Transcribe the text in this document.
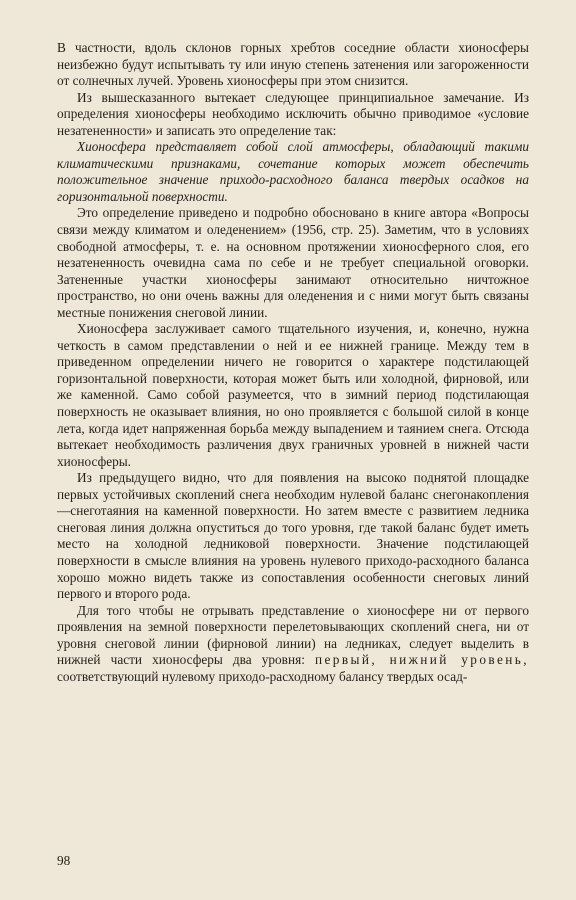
В частности, вдоль склонов горных хребтов соседние области хионосферы неизбежно будут испытывать ту или иную степень затенения или загороженности от солнечных лучей. Уровень хионосферы при этом снизится.

Из вышесказанного вытекает следующее принципиальное замечание. Из определения хионосферы необходимо исключить обычно приводимое «условие незатененности» и записать это определение так:

Хионосфера представляет собой слой атмосферы, обладающий такими климатическими признаками, сочетание которых может обеспечить положительное значение приходо-расходного баланса твердых осадков на горизонтальной поверхности.

Это определение приведено и подробно обосновано в книге автора «Вопросы связи между климатом и оледенением» (1956, стр. 25). Заметим, что в условиях свободной атмосферы, т. е. на основном протяжении хионосферного слоя, его незатененность очевидна сама по себе и не требует специальной оговорки. Затененные участки хионосферы занимают относительно ничтожное пространство, но они очень важны для оледенения и с ними могут быть связаны местные понижения снеговой линии.

Хионосфера заслуживает самого тщательного изучения, и, конечно, нужна четкость в самом представлении о ней и ее нижней границе. Между тем в приведенном определении ничего не говорится о характере подстилающей горизонтальной поверхности, которая может быть или холодной, фирновой, или же каменной. Само собой разумеется, что в зимний период подстилающая поверхность не оказывает влияния, но оно проявляется с большой силой в конце лета, когда идет напряженная борьба между выпадением и таянием снега. Отсюда вытекает необходимость различения двух граничных уровней в нижней части хионосферы.

Из предыдущего видно, что для появления на высоко поднятой площадке первых устойчивых скоплений снега необходим нулевой баланс снегонакопления—снеготаяния на каменной поверхности. Но затем вместе с развитием ледника снеговая линия должна опуститься до того уровня, где такой баланс будет иметь место на холодной ледниковой поверхности. Значение подстилающей поверхности в смысле влияния на уровень нулевого приходо-расходного баланса хорошо можно видеть также из сопоставления особенности снеговых линий первого и второго рода.

Для того чтобы не отрывать представление о хионосфере ни от первого проявления на земной поверхности перелетовывающих скоплений снега, ни от уровня снеговой линии (фирновой линии) на ледниках, следует выделить в нижней части хионосферы два уровня: первый, нижний уровень, соответствующий нулевому приходо-расходному балансу твердых осад-

98
